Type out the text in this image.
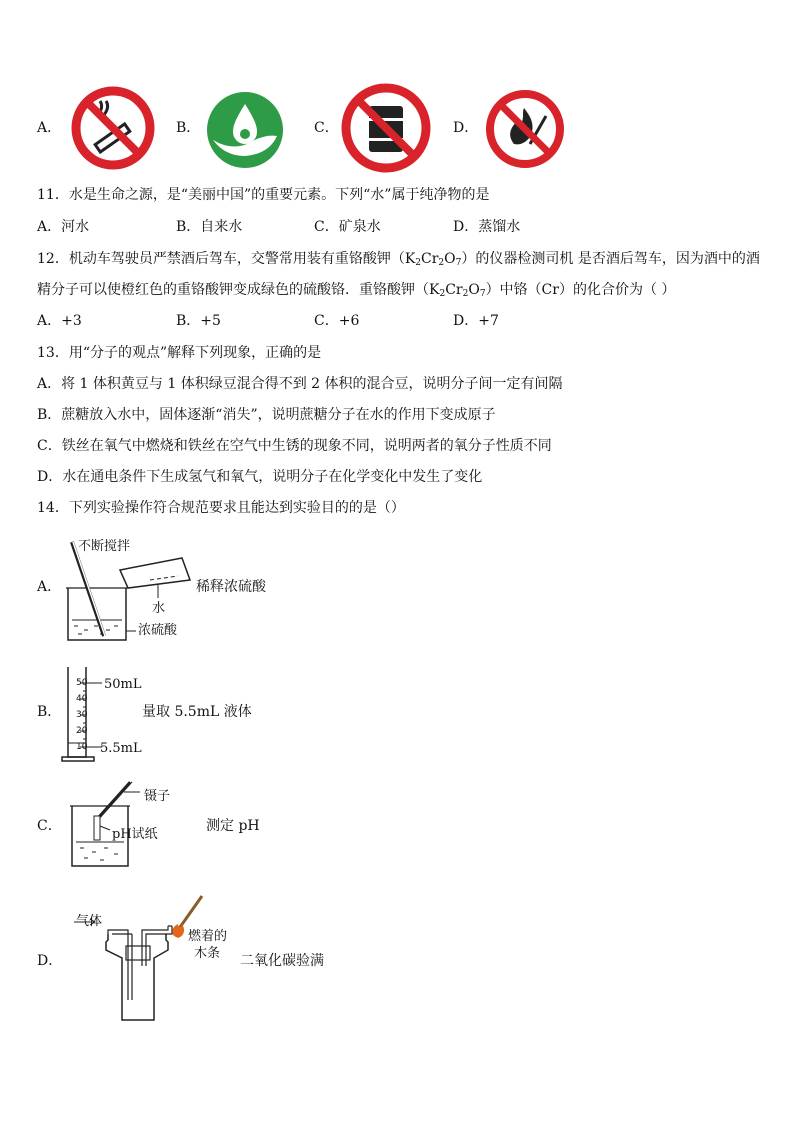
A．	B．	C．	D．
11．水是生命之源，是“美丽中国”的重要元素。下列“水”属于纯净物的是
A．河水	B．自来水	C．矿泉水	D．蒸馏水
12．机动车驾驶员严禁酒后驾车，交警常用装有重铬酸钾$(K_2Cr_2O_7)$的仪器检测司机 是否酒后驾车，因为酒中的酒
精分子可以使橙红色的重铬酸钾变成绿色的硫酸铬．重铬酸钾$(K_2Cr_2O_7)$中铬（Cr）的化合价为（ ）
A．+3	B．+5	C．+6	D．+7
13．用“分子的观点”解释下列现象，正确的是
A．将 1 体积黄豆与 1 体积绿豆混合得不到 2 体积的混合豆，说明分子间一定有间隔
B．蔗糖放入水中，固体逐渐“消失”，说明蔗糖分子在水的作用下变成原子
C．铁丝在氧气中燃烧和铁丝在空气中生锈的现象不同，说明两者的氧分子性质不同
D．水在通电条件下生成氢气和氧气，说明分子在化学变化中发生了变化
14．下列实验操作符合规范要求且能达到实验目的的是（）
A．
不断搅拌
稀释浓硫酸
水
浓硫酸
B．
50
40
30
20
10
50mL
5.5mL
量取 5.5mL 液体
C．
镊子
pH试纸
测定 pH
D．
气体
燃着的
木条 二氧化碳验满
